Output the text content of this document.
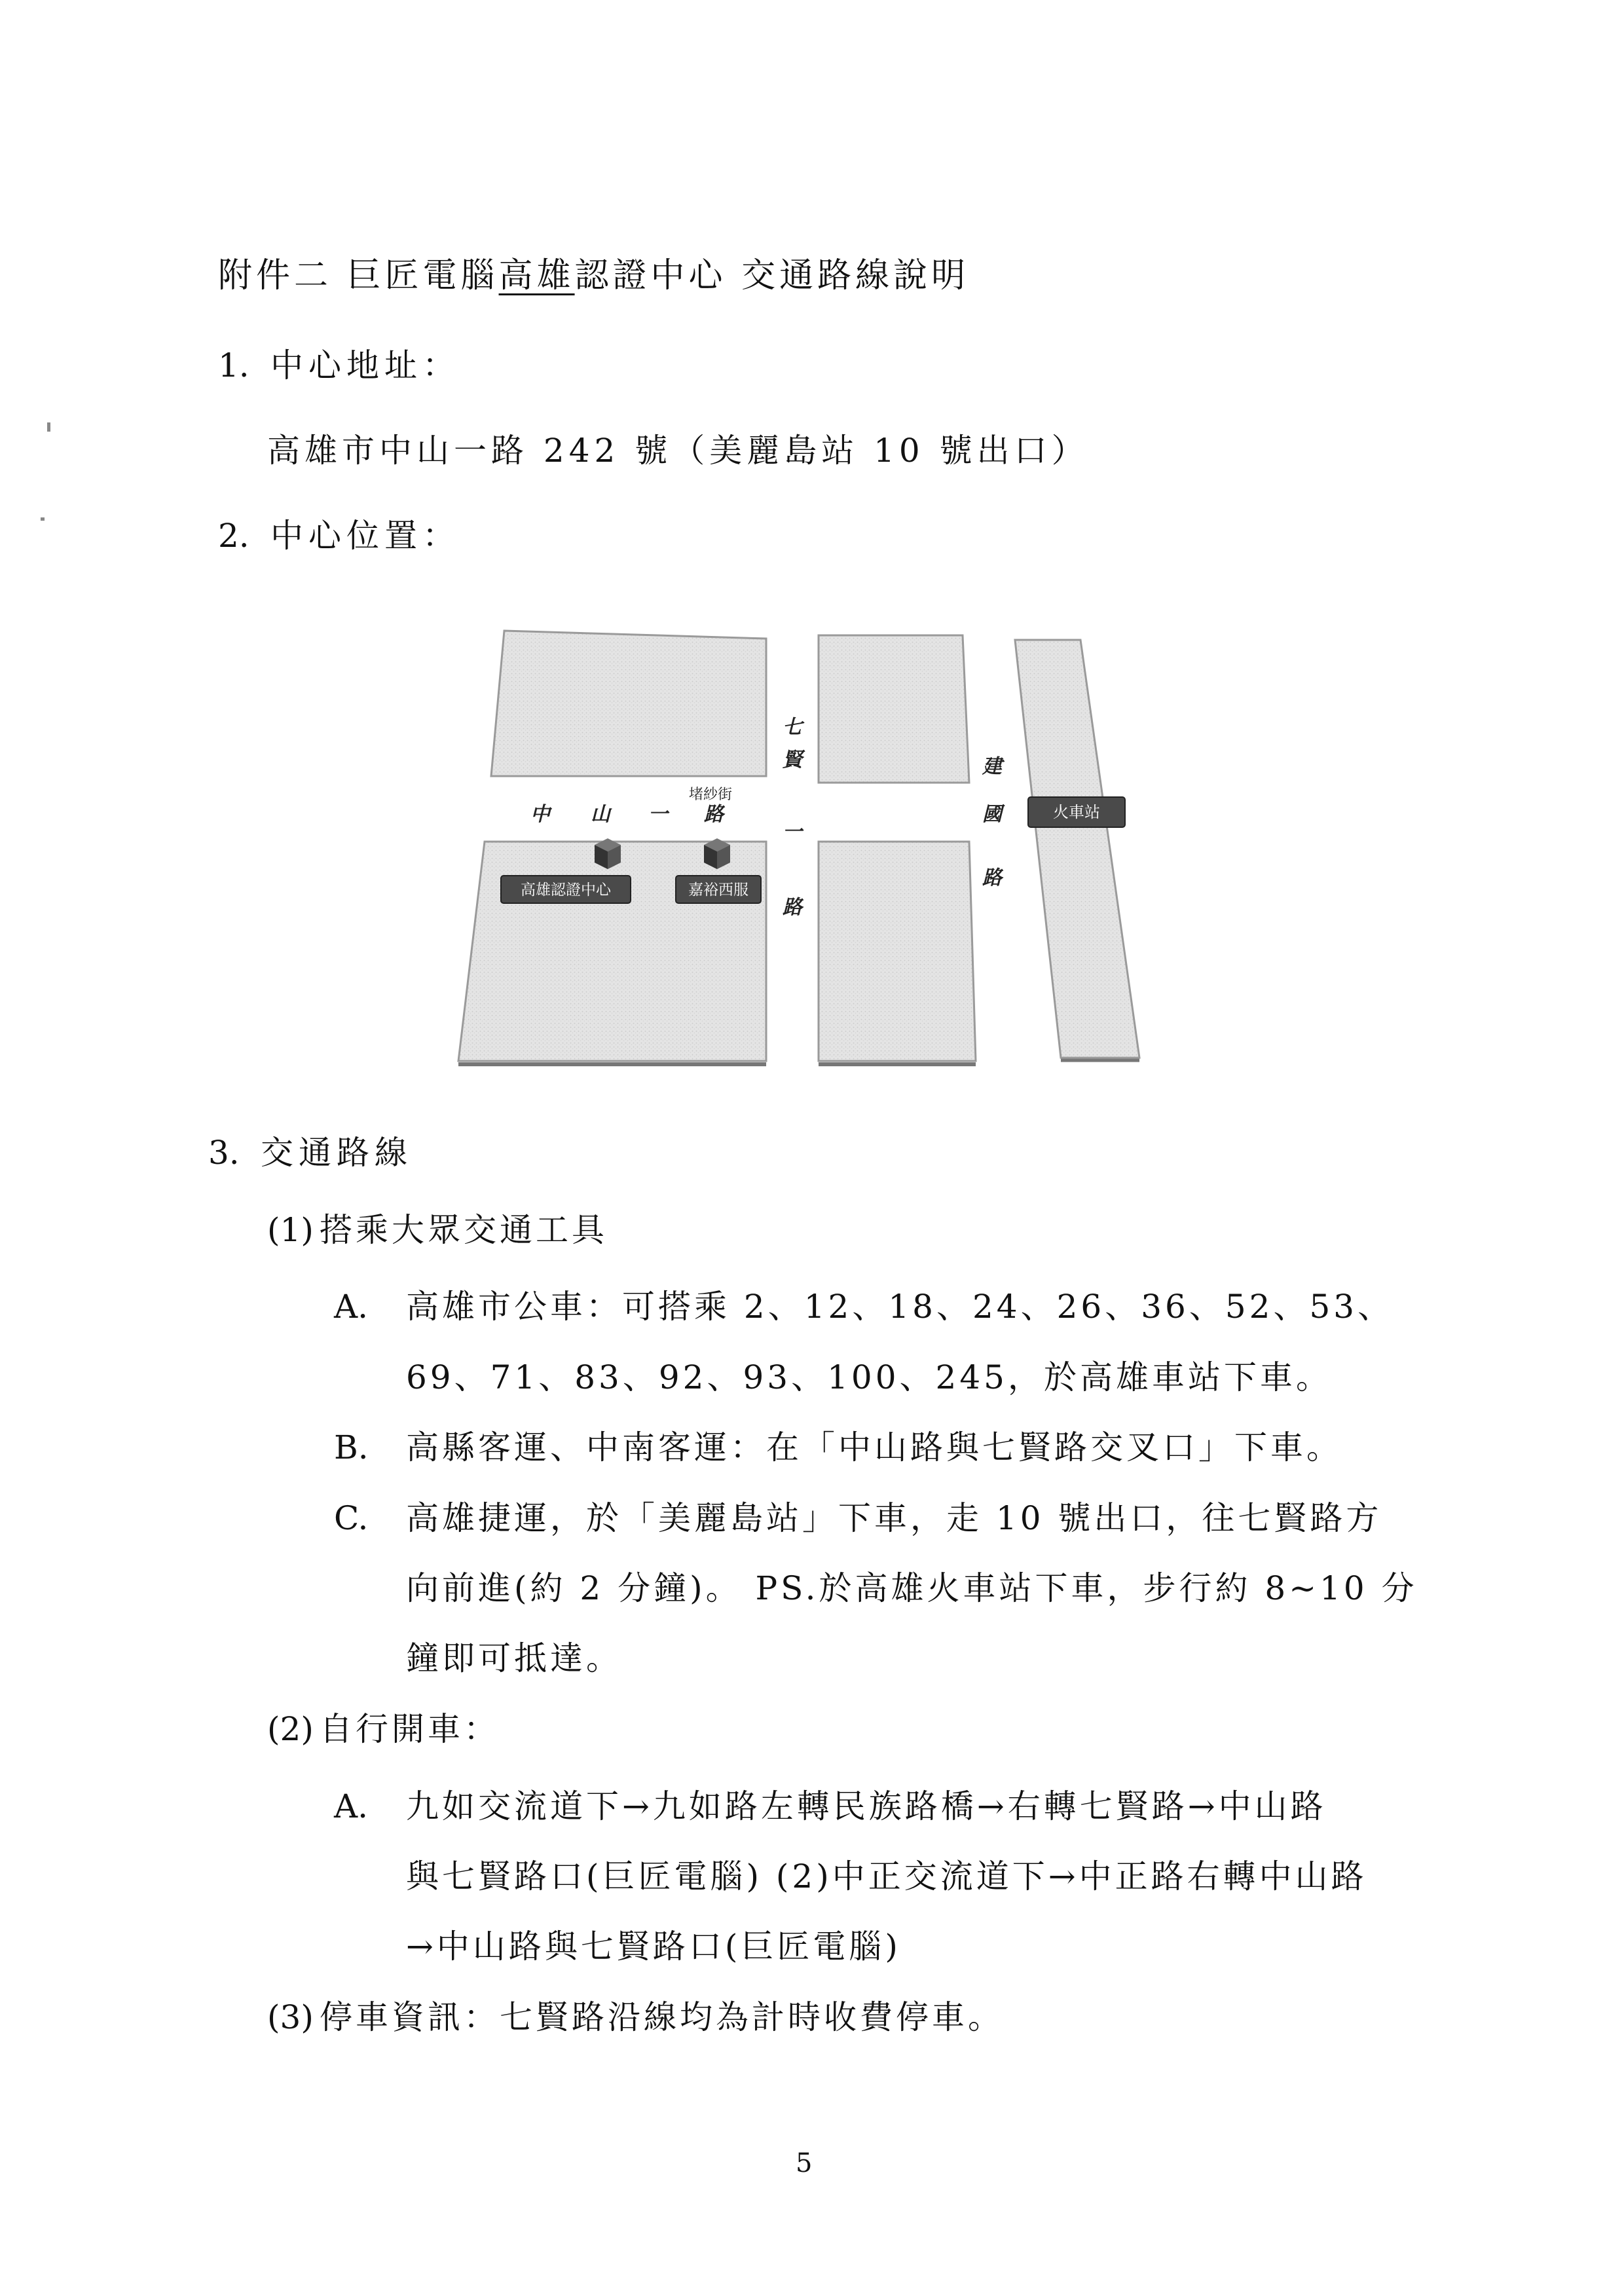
附件二 巨匠電腦高雄認證中心 交通路線說明
1. 中心地址：
高雄市中山一路 242 號（美麗島站 10 號出口）
2. 中心位置：
中 山 一 路
七
賢
一
路
建
國
路
堵紗街
高雄認證中心	嘉裕西服
火車站
3. 交通路線
(1) 搭乘大眾交通工具
A. 高雄市公車：可搭乘 2、12、18、24、26、36、52、53、
69、71、83、92、93、100、245，於高雄車站下車。
B. 高縣客運、中南客運：在「中山路與七賢路交叉口」下車。
C. 高雄捷運，於「美麗島站」下車，走 10 號出口，往七賢路方
向前進(約 2 分鐘)。 PS.於高雄火車站下車，步行約 8~10 分
鐘即可抵達。
(2) 自行開車：
A. 九如交流道下→九如路左轉民族路橋→右轉七賢路→中山路
與七賢路口(巨匠電腦) (2)中正交流道下→中正路右轉中山路
→中山路與七賢路口(巨匠電腦)
(3) 停車資訊：七賢路沿線均為計時收費停車。
5
